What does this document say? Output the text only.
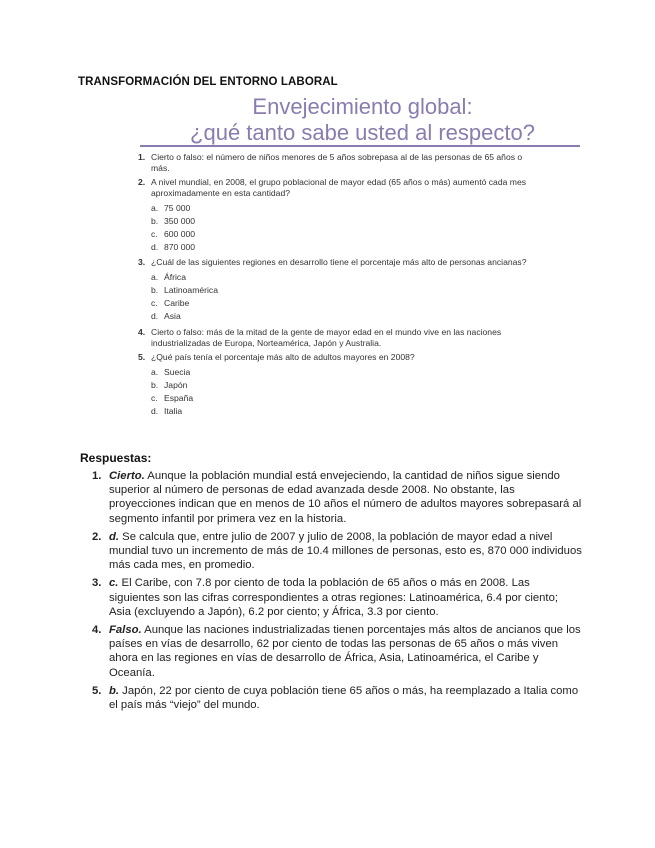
TRANSFORMACIÓN DEL ENTORNO LABORAL
Envejecimiento global:
¿qué tanto sabe usted al respecto?
1. Cierto o falso: el número de niños menores de 5 años sobrepasa al de las personas de 65 años o más.
2. A nivel mundial, en 2008, el grupo poblacional de mayor edad (65 años o más) aumentó cada mes aproximadamente en esta cantidad?
a. 75 000
b. 350 000
c. 600 000
d. 870 000
3. ¿Cuál de las siguientes regiones en desarrollo tiene el porcentaje más alto de personas ancianas?
a. África
b. Latinoamérica
c. Caribe
d. Asia
4. Cierto o falso: más de la mitad de la gente de mayor edad en el mundo vive en las naciones industrializadas de Europa, Norteamérica, Japón y Australia.
5. ¿Qué país tenía el porcentaje más alto de adultos mayores en 2008?
a. Suecia
b. Japón
c. España
d. Italia
Respuestas:
1. Cierto. Aunque la población mundial está envejeciendo, la cantidad de niños sigue siendo superior al número de personas de edad avanzada desde 2008. No obstante, las proyecciones indican que en menos de 10 años el número de adultos mayores sobrepasará al segmento infantil por primera vez en la historia.
2. d. Se calcula que, entre julio de 2007 y julio de 2008, la población de mayor edad a nivel mundial tuvo un incremento de más de 10.4 millones de personas, esto es, 870 000 individuos más cada mes, en promedio.
3. c. El Caribe, con 7.8 por ciento de toda la población de 65 años o más en 2008. Las siguientes son las cifras correspondientes a otras regiones: Latinoamérica, 6.4 por ciento; Asia (excluyendo a Japón), 6.2 por ciento; y África, 3.3 por ciento.
4. Falso. Aunque las naciones industrializadas tienen porcentajes más altos de ancianos que los países en vías de desarrollo, 62 por ciento de todas las personas de 65 años o más viven ahora en las regiones en vías de desarrollo de África, Asia, Latinoamérica, el Caribe y Oceanía.
5. b. Japón, 22 por ciento de cuya población tiene 65 años o más, ha reemplazado a Italia como el país más “viejo” del mundo.
